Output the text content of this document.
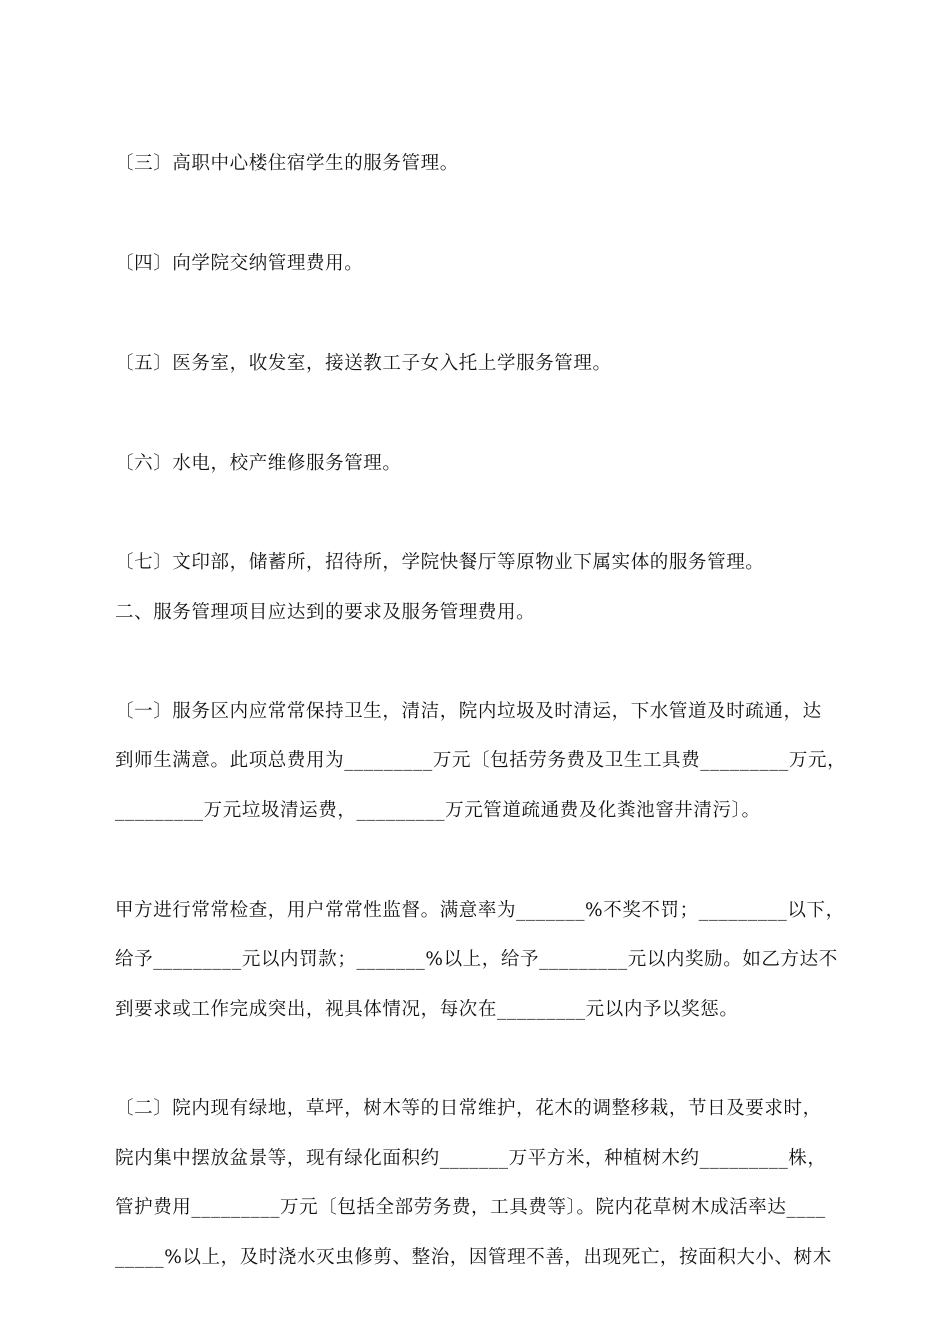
〔三〕高职中心楼住宿学生的服务管理。
〔四〕向学院交纳管理费用。
〔五〕医务室，收发室，接送教工子女入托上学服务管理。
〔六〕水电，校产维修服务管理。
〔七〕文印部，储蓄所，招待所，学院快餐厅等原物业下属实体的服务管理。
二、服务管理项目应达到的要求及服务管理费用。
〔一〕服务区内应常常保持卫生，清洁，院内垃圾及时清运，下水管道及时疏通，达
到师生满意。此项总费用为_________万元〔包括劳务费及卫生工具费_________万元，
_________万元垃圾清运费，_________万元管道疏通费及化粪池窨井清污〕。
甲方进行常常检查，用户常常性监督。满意率为_______%不奖不罚；_________以下，
给予_________元以内罚款；_______%以上，给予_________元以内奖励。如乙方达不
到要求或工作完成突出，视具体情况，每次在_________元以内予以奖惩。
〔二〕院内现有绿地，草坪，树木等的日常维护，花木的调整移栽，节日及要求时，
院内集中摆放盆景等，现有绿化面积约_______万平方米，种植树木约_________株，
管护费用_________万元〔包括全部劳务费，工具费等〕。院内花草树木成活率达____
_____%以上，及时浇水灭虫修剪、整治，因管理不善，出现死亡，按面积大小、树木
